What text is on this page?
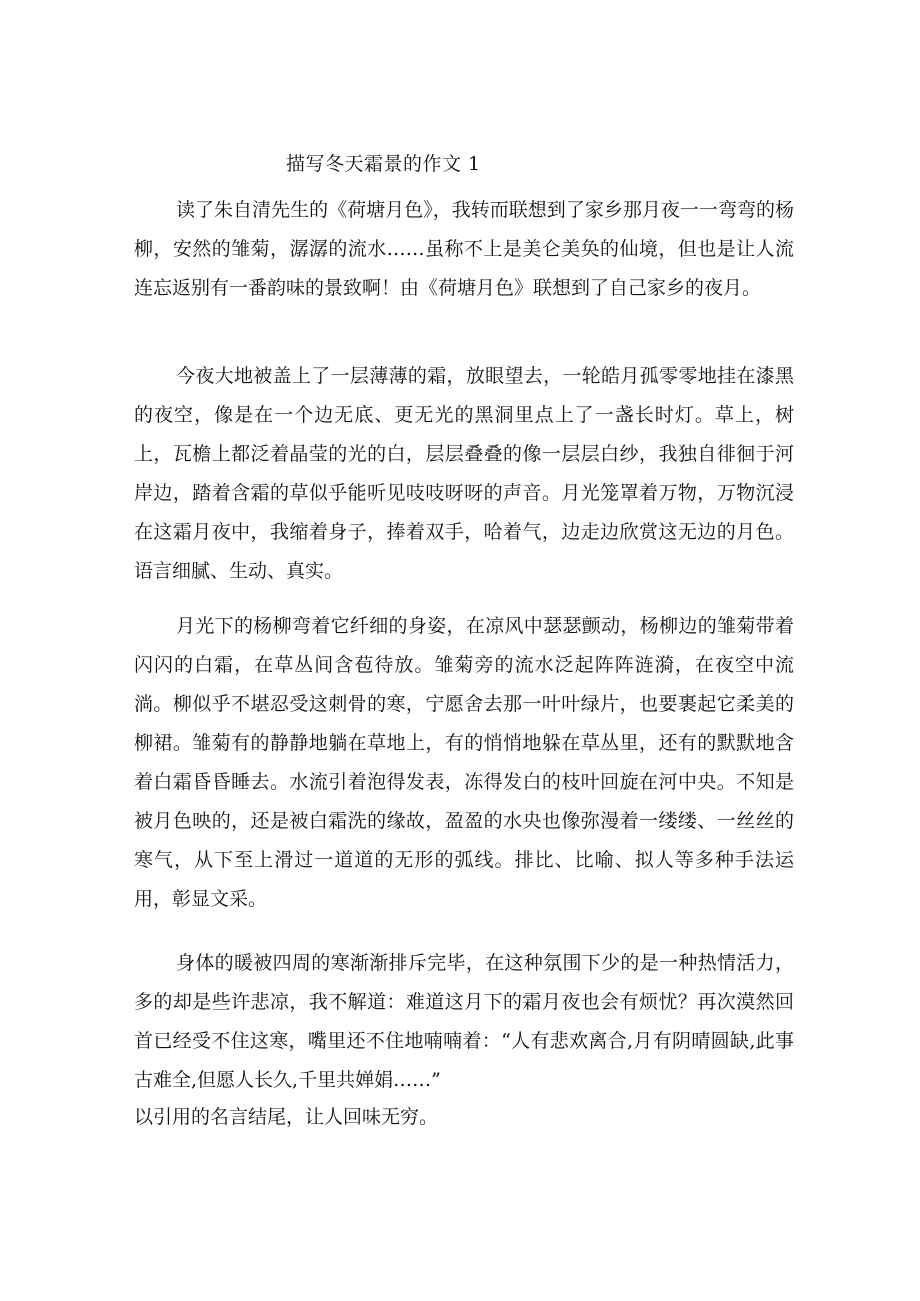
描写冬天霜景的作文 1

读了朱自清先生的《荷塘月色》，我转而联想到了家乡那月夜一一弯弯的杨柳，安然的雏菊，潺潺的流水……虽称不上是美仑美奂的仙境，但也是让人流连忘返别有一番韵味的景致啊！由《荷塘月色》联想到了自己家乡的夜月。

今夜大地被盖上了一层薄薄的霜，放眼望去，一轮皓月孤零零地挂在漆黑的夜空，像是在一个边无底、更无光的黑洞里点上了一盏长时灯。草上，树上，瓦檐上都泛着晶莹的光的白，层层叠叠的像一层层白纱，我独自徘徊于河岸边，踏着含霜的草似乎能听见吱吱呀呀的声音。月光笼罩着万物，万物沉浸在这霜月夜中，我缩着身子，捧着双手，哈着气，边走边欣赏这无边的月色。语言细腻、生动、真实。

月光下的杨柳弯着它纤细的身姿，在凉风中瑟瑟颤动，杨柳边的雏菊带着闪闪的白霜，在草丛间含苞待放。雏菊旁的流水泛起阵阵涟漪，在夜空中流淌。柳似乎不堪忍受这刺骨的寒，宁愿舍去那一叶叶绿片，也要裹起它柔美的柳裙。雏菊有的静静地躺在草地上，有的悄悄地躲在草丛里，还有的默默地含着白霜昏昏睡去。水流引着泡得发表，冻得发白的枝叶回旋在河中央。不知是被月色映的，还是被白霜洗的缘故，盈盈的水央也像弥漫着一缕缕、一丝丝的寒气，从下至上滑过一道道的无形的弧线。排比、比喻、拟人等多种手法运用，彰显文采。

身体的暖被四周的寒渐渐排斥完毕，在这种氛围下少的是一种热情活力，多的却是些许悲凉，我不解道：难道这月下的霜月夜也会有烦忧？再次漠然回首已经受不住这寒，嘴里还不住地喃喃着：“人有悲欢离合,月有阴晴圆缺,此事古难全,但愿人长久,千里共婵娟……”

以引用的名言结尾，让人回味无穷。
